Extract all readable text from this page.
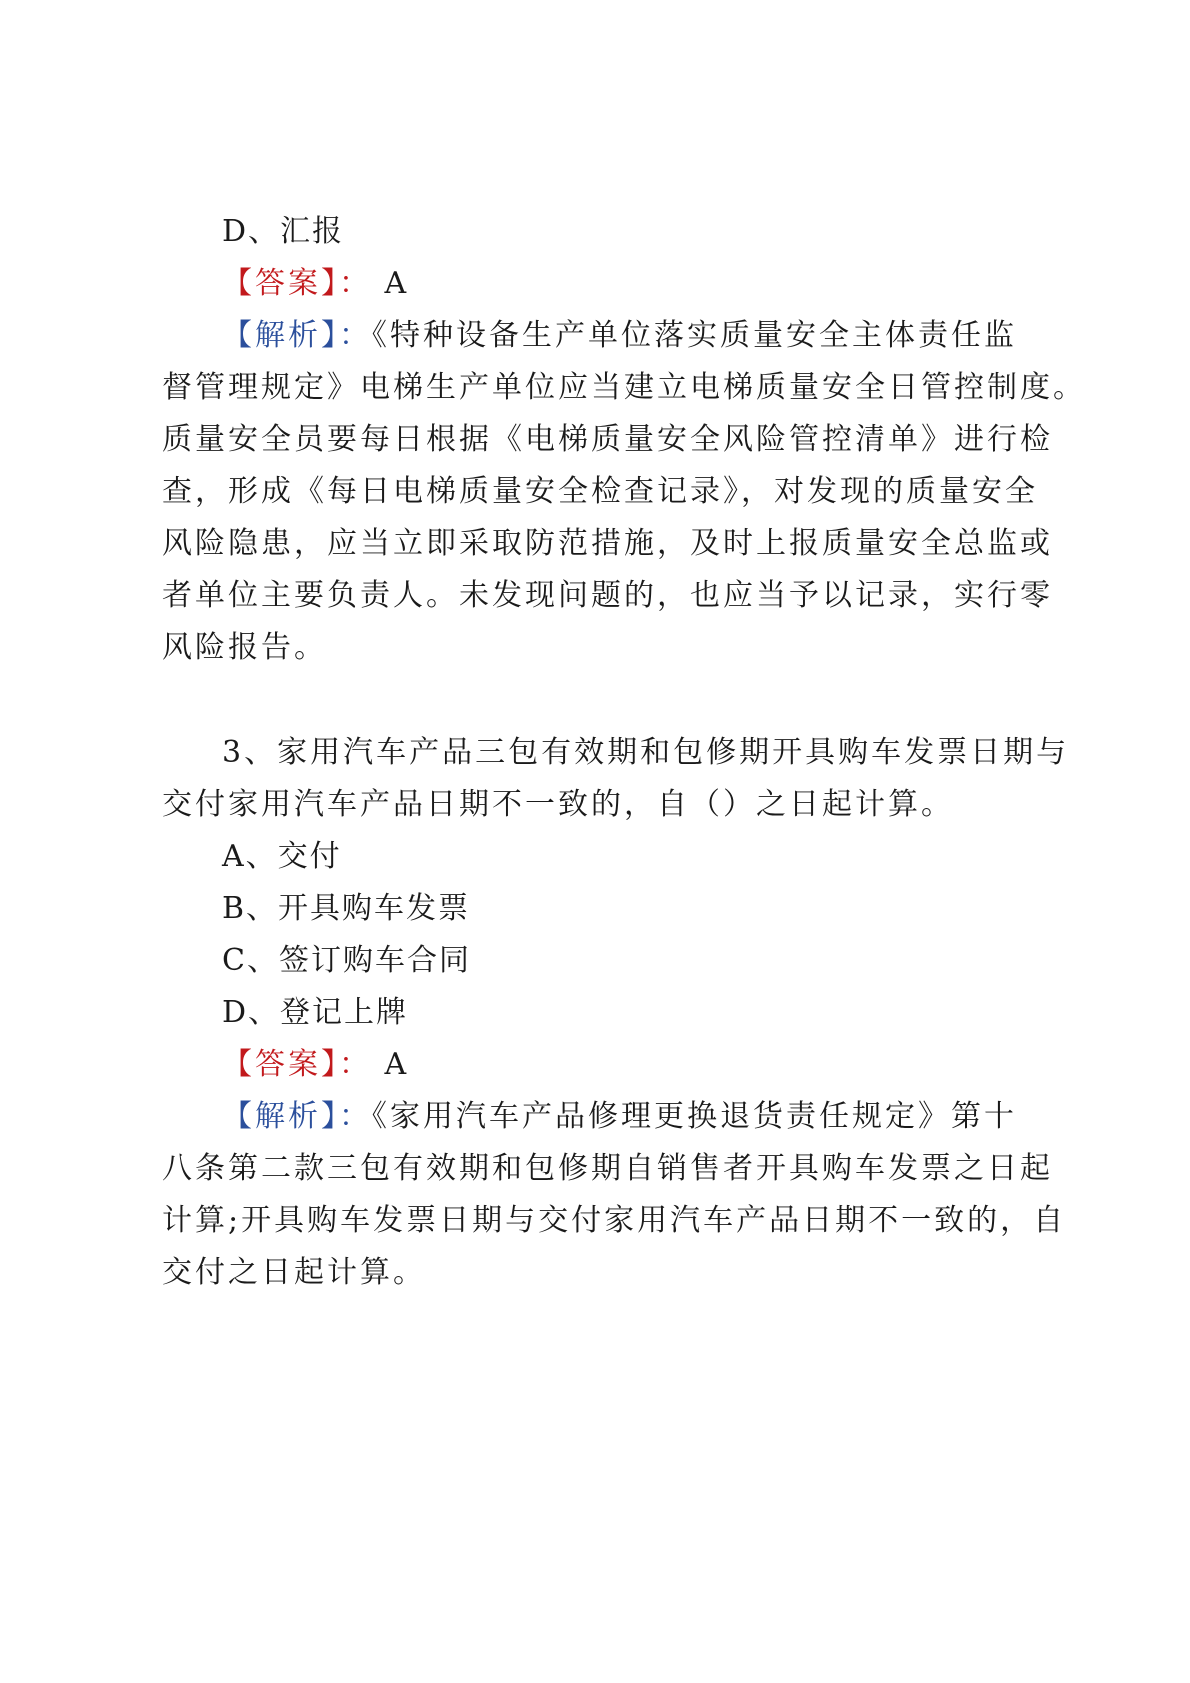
D、汇报
【答案】： A
【解析】：《特种设备生产单位落实质量安全主体责任监
督管理规定》电梯生产单位应当建立电梯质量安全日管控制度。
质量安全员要每日根据《电梯质量安全风险管控清单》进行检
查，形成《每日电梯质量安全检查记录》，对发现的质量安全
风险隐患，应当立即采取防范措施，及时上报质量安全总监或
者单位主要负责人。未发现问题的，也应当予以记录，实行零
风险报告。
3、家用汽车产品三包有效期和包修期开具购车发票日期与
交付家用汽车产品日期不一致的，自（）之日起计算。
A、交付
B、开具购车发票
C、签订购车合同
D、登记上牌
【答案】： A
【解析】：《家用汽车产品修理更换退货责任规定》第十
八条第二款三包有效期和包修期自销售者开具购车发票之日起
计算;开具购车发票日期与交付家用汽车产品日期不一致的，自
交付之日起计算。
